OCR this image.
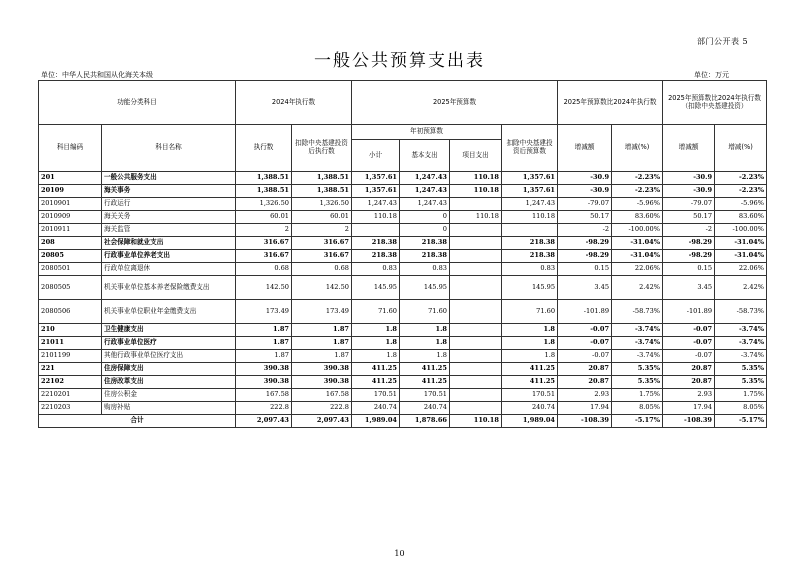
部门公开表 5
一般公共预算支出表
单位：中华人民共和国从化海关本级	单位：万元
功能分类科目		2024年执行数		2025年预算数				2025年预算数比2024年执行数		2025年预算数比2024年执行数（扣除中央基建投资）	
科目编码	科目名称	执行数	扣除中央基建投资后执行数	年初预算数			扣除中央基建投资后预算数	增减额	增减(%)	增减额	增减(%)
				小计	基本支出	项目支出					
201	一般公共服务支出	1,388.51	1,388.51	1,357.61	1,247.43	110.18	1,357.61	-30.9	-2.23%	-30.9	-2.23%
20109	海关事务	1,388.51	1,388.51	1,357.61	1,247.43	110.18	1,357.61	-30.9	-2.23%	-30.9	-2.23%
2010901	行政运行	1,326.50	1,326.50	1,247.43	1,247.43		1,247.43	-79.07	-5.96%	-79.07	-5.96%
2010909	海关关务	60.01	60.01	110.18	0	110.18	110.18	50.17	83.60%	50.17	83.60%
2010911	海关监管	2	2		0			-2	-100.00%	-2	-100.00%
208	社会保障和就业支出	316.67	316.67	218.38	218.38		218.38	-98.29	-31.04%	-98.29	-31.04%
20805	行政事业单位养老支出	316.67	316.67	218.38	218.38		218.38	-98.29	-31.04%	-98.29	-31.04%
2080501	行政单位离退休	0.68	0.68	0.83	0.83		0.83	0.15	22.06%	0.15	22.06%
2080505	机关事业单位基本养老保险缴费支出	142.50	142.50	145.95	145.95		145.95	3.45	2.42%	3.45	2.42%
2080506	机关事业单位职业年金缴费支出	173.49	173.49	71.60	71.60		71.60	-101.89	-58.73%	-101.89	-58.73%
210	卫生健康支出	1.87	1.87	1.8	1.8		1.8	-0.07	-3.74%	-0.07	-3.74%
21011	行政事业单位医疗	1.87	1.87	1.8	1.8		1.8	-0.07	-3.74%	-0.07	-3.74%
2101199	其他行政事业单位医疗支出	1.87	1.87	1.8	1.8		1.8	-0.07	-3.74%	-0.07	-3.74%
221	住房保障支出	390.38	390.38	411.25	411.25		411.25	20.87	5.35%	20.87	5.35%
22102	住房改革支出	390.38	390.38	411.25	411.25		411.25	20.87	5.35%	20.87	5.35%
2210201	住房公积金	167.58	167.58	170.51	170.51		170.51	2.93	1.75%	2.93	1.75%
2210203	购房补贴	222.8	222.8	240.74	240.74		240.74	17.94	8.05%	17.94	8.05%
合计		2,097.43	2,097.43	1,989.04	1,878.66	110.18	1,989.04	-108.39	-5.17%	-108.39	-5.17%
10
